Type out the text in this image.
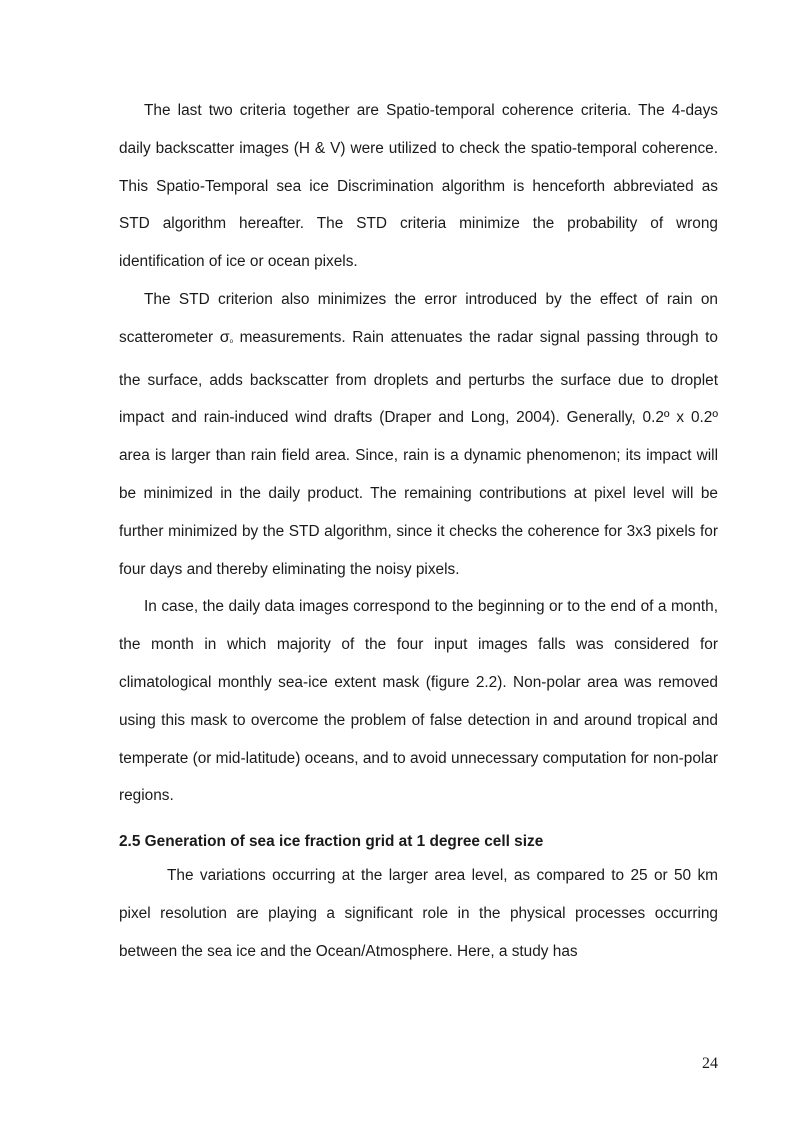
The last two criteria together are Spatio-temporal coherence criteria. The 4-days daily backscatter images (H & V) were utilized to check the spatio-temporal coherence. This Spatio-Temporal sea ice Discrimination algorithm is henceforth abbreviated as STD algorithm hereafter. The STD criteria minimize the probability of wrong identification of ice or ocean pixels.

The STD criterion also minimizes the error introduced by the effect of rain on scatterometer σo measurements. Rain attenuates the radar signal passing through to the surface, adds backscatter from droplets and perturbs the surface due to droplet impact and rain-induced wind drafts (Draper and Long, 2004). Generally, 0.2º x 0.2º area is larger than rain field area. Since, rain is a dynamic phenomenon; its impact will be minimized in the daily product. The remaining contributions at pixel level will be further minimized by the STD algorithm, since it checks the coherence for 3x3 pixels for four days and thereby eliminating the noisy pixels.

In case, the daily data images correspond to the beginning or to the end of a month, the month in which majority of the four input images falls was considered for climatological monthly sea-ice extent mask (figure 2.2). Non-polar area was removed using this mask to overcome the problem of false detection in and around tropical and temperate (or mid-latitude) oceans, and to avoid unnecessary computation for non-polar regions.

2.5 Generation of sea ice fraction grid at 1 degree cell size

The variations occurring at the larger area level, as compared to 25 or 50 km pixel resolution are playing a significant role in the physical processes occurring between the sea ice and the Ocean/Atmosphere. Here, a study has

24
